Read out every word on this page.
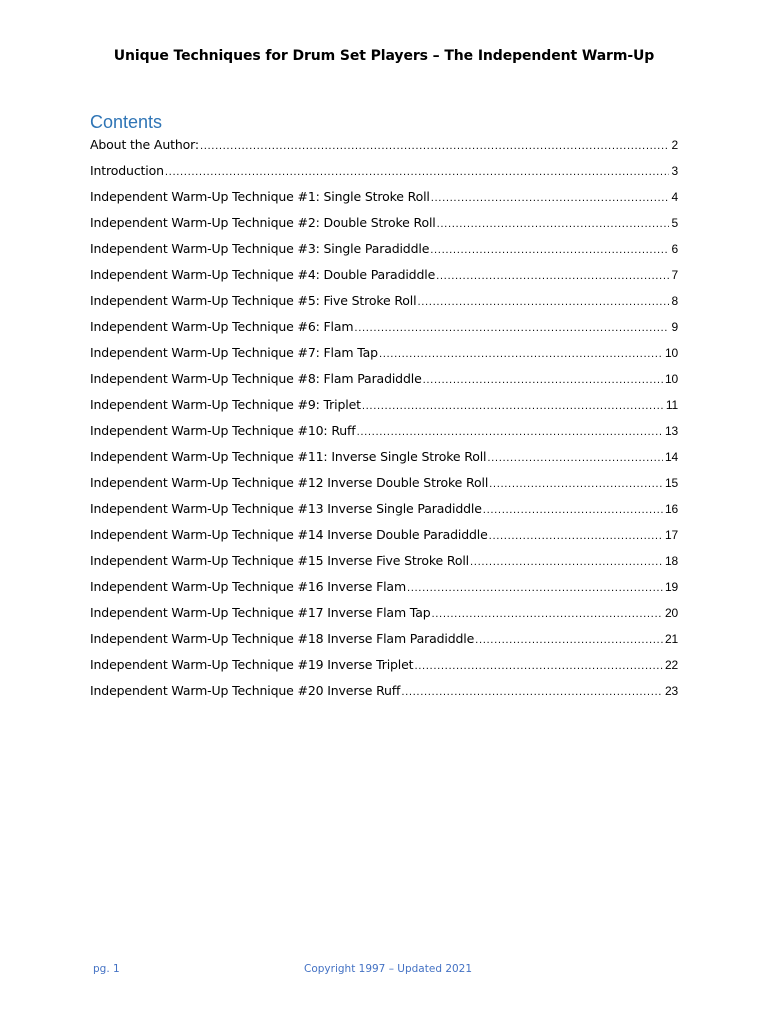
Unique Techniques for Drum Set Players – The Independent Warm-Up
Contents
About the Author: .....	2
Introduction .....	3
Independent Warm-Up Technique #1: Single Stroke Roll .....	4
Independent Warm-Up Technique #2: Double Stroke Roll .....	5
Independent Warm-Up Technique #3: Single Paradiddle .....	6
Independent Warm-Up Technique #4: Double Paradiddle .....	7
Independent Warm-Up Technique #5: Five Stroke Roll .....	8
Independent Warm-Up Technique #6: Flam .....	9
Independent Warm-Up Technique #7: Flam Tap .....	10
Independent Warm-Up Technique #8: Flam Paradiddle .....	10
Independent Warm-Up Technique #9: Triplet .....	11
Independent Warm-Up Technique #10: Ruff .....	13
Independent Warm-Up Technique #11: Inverse Single Stroke Roll .....	14
Independent Warm-Up Technique #12 Inverse Double Stroke Roll .....	15
Independent Warm-Up Technique #13 Inverse Single Paradiddle .....	16
Independent Warm-Up Technique #14 Inverse Double Paradiddle .....	17
Independent Warm-Up Technique #15 Inverse Five Stroke Roll .....	18
Independent Warm-Up Technique #16 Inverse Flam .....	19
Independent Warm-Up Technique #17 Inverse Flam Tap .....	20
Independent Warm-Up Technique #18 Inverse Flam Paradiddle .....	21
Independent Warm-Up Technique #19 Inverse Triplet .....	22
Independent Warm-Up Technique #20 Inverse Ruff .....	23
pg. 1	Copyright 1997 – Updated 2021
